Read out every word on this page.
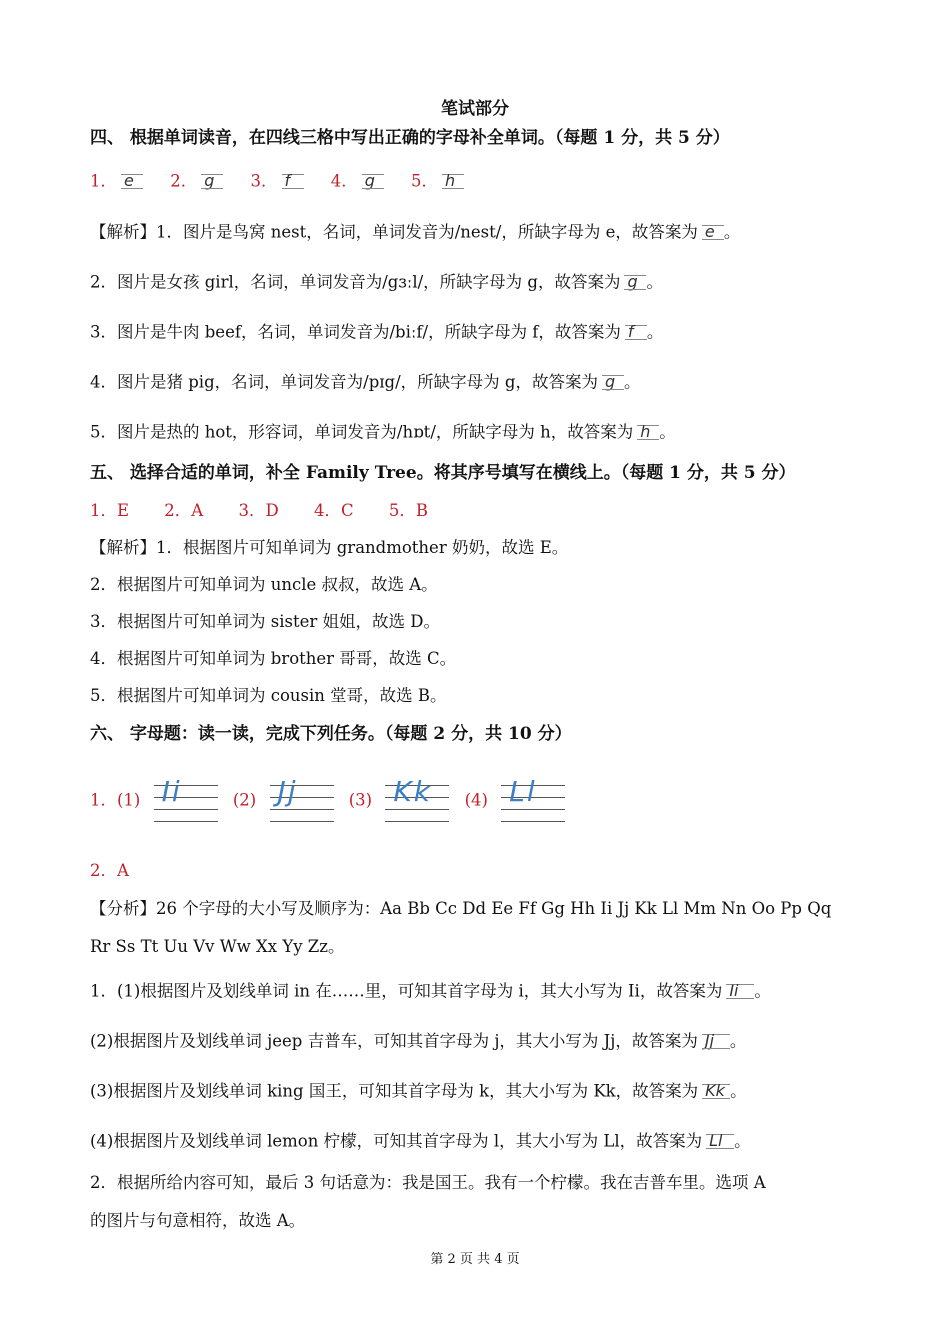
笔试部分
四、 根据单词读音，在四线三格中写出正确的字母补全单词。（每题 1 分，共 5 分）
1． e 2． g 3． f 4． g 5． h
【解析】1．图片是鸟窝 nest，名词，单词发音为/nest/，所缺字母为 e，故答案为 e 。
2．图片是女孩 girl，名词，单词发音为/gɜːl/，所缺字母为 g，故答案为 g 。
3．图片是牛肉 beef，名词，单词发音为/biːf/，所缺字母为 f，故答案为 f 。
4．图片是猪 pig，名词，单词发音为/pɪg/，所缺字母为 g，故答案为 g 。
5．图片是热的 hot，形容词，单词发音为/hɒt/，所缺字母为 h，故答案为 h 。
五、 选择合适的单词，补全 Family Tree。将其序号填写在横线上。（每题 1 分，共 5 分）
1．E 2．A 3．D 4．C 5．B
【解析】1．根据图片可知单词为 grandmother 奶奶，故选 E。
2．根据图片可知单词为 uncle 叔叔，故选 A。
3．根据图片可知单词为 sister 姐姐，故选 D。
4．根据图片可知单词为 brother 哥哥，故选 C。
5．根据图片可知单词为 cousin 堂哥，故选 B。
六、 字母题：读一读，完成下列任务。（每题 2 分，共 10 分）
1．(1) Ii	(2) Jj	(3) Kk (4) Ll
2．A
【分析】26 个字母的大小写及顺序为：Aa Bb Cc Dd Ee Ff Gg Hh Ii Jj Kk Ll Mm Nn Oo Pp Qq
Rr Ss Tt Uu Vv Ww Xx Yy Zz。
1．(1)根据图片及划线单词 in 在……里，可知其首字母为 i，其大小写为 Ii，故答案为 Ii 。
(2)根据图片及划线单词 jeep 吉普车，可知其首字母为 j，其大小写为 Jj，故答案为 Jj 。
(3)根据图片及划线单词 king 国王，可知其首字母为 k，其大小写为 Kk，故答案为 Kk 。
(4)根据图片及划线单词 lemon 柠檬，可知其首字母为 l，其大小写为 Ll，故答案为 Ll 。
2．根据所给内容可知，最后 3 句话意为：我是国王。我有一个柠檬。我在吉普车里。选项 A
的图片与句意相符，故选 A。
第 2 页 共 4 页
